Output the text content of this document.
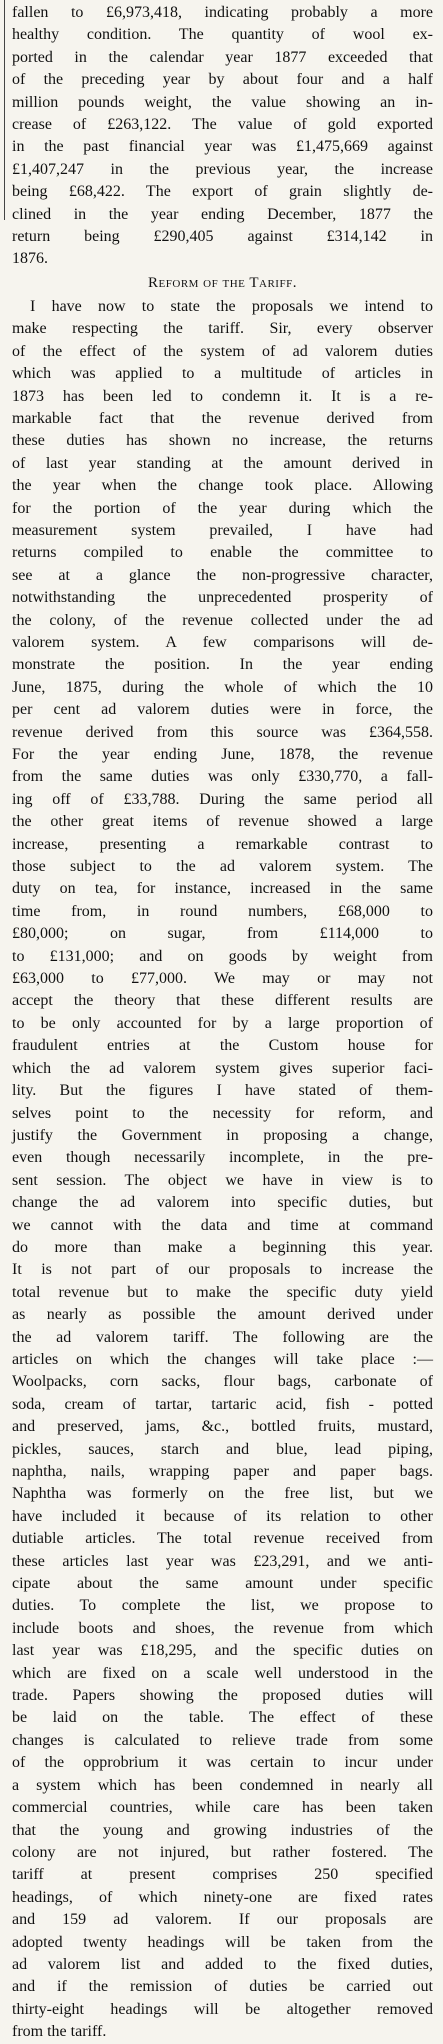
fallen to £6,973,418, indicating probably a more
healthy condition. The quantity of wool ex-
ported in the calendar year 1877 exceeded that
of the preceding year by about four and a half
million pounds weight, the value showing an in-
crease of £263,122. The value of gold exported
in the past financial year was £1,475,669 against
£1,407,247 in the previous year, the increase
being £68,422. The export of grain slightly de-
clined in the year ending December, 1877 the
return being £290,405 against £314,142 in
1876.
Reform of the Tariff.
I have now to state the proposals we intend to
make respecting the tariff. Sir, every observer
of the effect of the system of ad valorem duties
which was applied to a multitude of articles in
1873 has been led to condemn it. It is a re-
markable fact that the revenue derived from
these duties has shown no increase, the returns
of last year standing at the amount derived in
the year when the change took place. Allowing
for the portion of the year during which the
measurement system prevailed, I have had
returns compiled to enable the committee to
see at a glance the non-progressive character,
notwithstanding the unprecedented prosperity of
the colony, of the revenue collected under the ad
valorem system. A few comparisons will de-
monstrate the position. In the year ending
June, 1875, during the whole of which the 10
per cent ad valorem duties were in force, the
revenue derived from this source was £364,558.
For the year ending June, 1878, the revenue
from the same duties was only £330,770, a fall-
ing off of £33,788. During the same period all
the other great items of revenue showed a large
increase, presenting a remarkable contrast to
those subject to the ad valorem system. The
duty on tea, for instance, increased in the same
time from, in round numbers, £68,000 to
£80,000; on sugar, from £114,000 to
to £131,000; and on goods by weight from
£63,000 to £77,000. We may or may not
accept the theory that these different results are
to be only accounted for by a large proportion of
fraudulent entries at the Custom house for
which the ad valorem system gives superior faci-
lity. But the figures I have stated of them-
selves point to the necessity for reform, and
justify the Government in proposing a change,
even though necessarily incomplete, in the pre-
sent session. The object we have in view is to
change the ad valorem into specific duties, but
we cannot with the data and time at command
do more than make a beginning this year.
It is not part of our proposals to increase the
total revenue but to make the specific duty yield
as nearly as possible the amount derived under
the ad valorem tariff. The following are the
articles on which the changes will take place :—
Woolpacks, corn sacks, flour bags, carbonate of
soda, cream of tartar, tartaric acid, fish - potted
and preserved, jams, &c., bottled fruits, mustard,
pickles, sauces, starch and blue, lead piping,
naphtha, nails, wrapping paper and paper bags.
Naphtha was formerly on the free list, but we
have included it because of its relation to other
dutiable articles. The total revenue received from
these articles last year was £23,291, and we anti-
cipate about the same amount under specific
duties. To complete the list, we propose to
include boots and shoes, the revenue from which
last year was £18,295, and the specific duties on
which are fixed on a scale well understood in the
trade. Papers showing the proposed duties will
be laid on the table. The effect of these
changes is calculated to relieve trade from some
of the opprobrium it was certain to incur under
a system which has been condemned in nearly all
commercial countries, while care has been taken
that the young and growing industries of the
colony are not injured, but rather fostered. The
tariff at present comprises 250 specified
headings, of which ninety-one are fixed rates
and 159 ad valorem. If our proposals are
adopted twenty headings will be taken from the
ad valorem list and added to the fixed duties,
and if the remission of duties be carried out
thirty-eight headings will be altogether removed
from the tariff.
